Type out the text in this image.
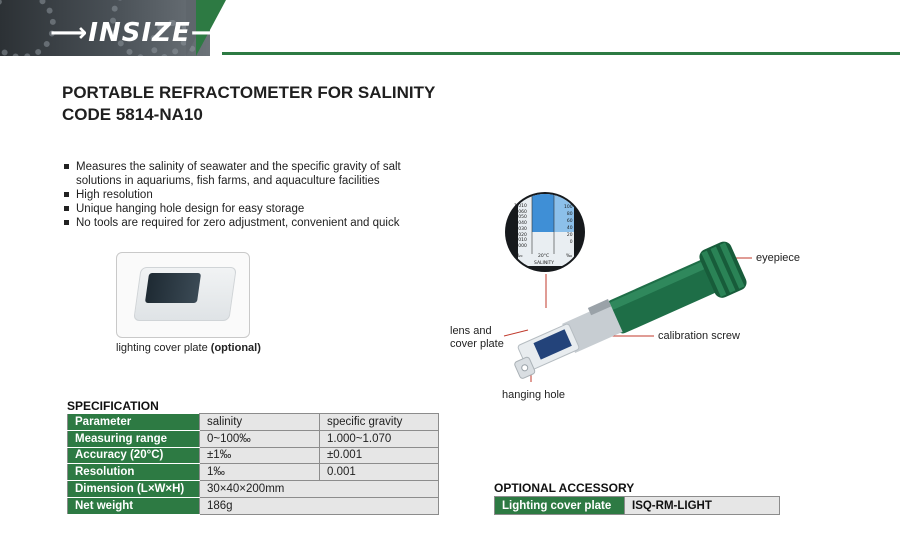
⟶INSIZE⟶
PORTABLE REFRACTOMETER FOR SALINITY
CODE 5814-NA10
Measures the salinity of seawater and the specific gravity of salt solutions in aquariums, fish farms, and aquaculture facilities
High resolution
Unique hanging hole design for easy storage
No tools are required for zero adjustment, convenient and quick
lighting cover plate (optional)
1.010
1.060
1.050
1.040
1.030
1.020
1.010
1.000
100
80
60
40
20
0
d₂₀	20°C	‰
SALINITY	eyepiece
calibration screw
lens and
cover plate
hanging hole
SPECIFICATION
Parameter	salinity	specific gravity
Measuring range	0~100‰	1.000~1.070
Accuracy (20°C)	±1‰	±0.001
Resolution	1‰	0.001
Dimension (L×W×H)	30×40×200mm	
Net weight	186g	
OPTIONAL ACCESSORY
Lighting cover plate	ISQ-RM-LIGHT
